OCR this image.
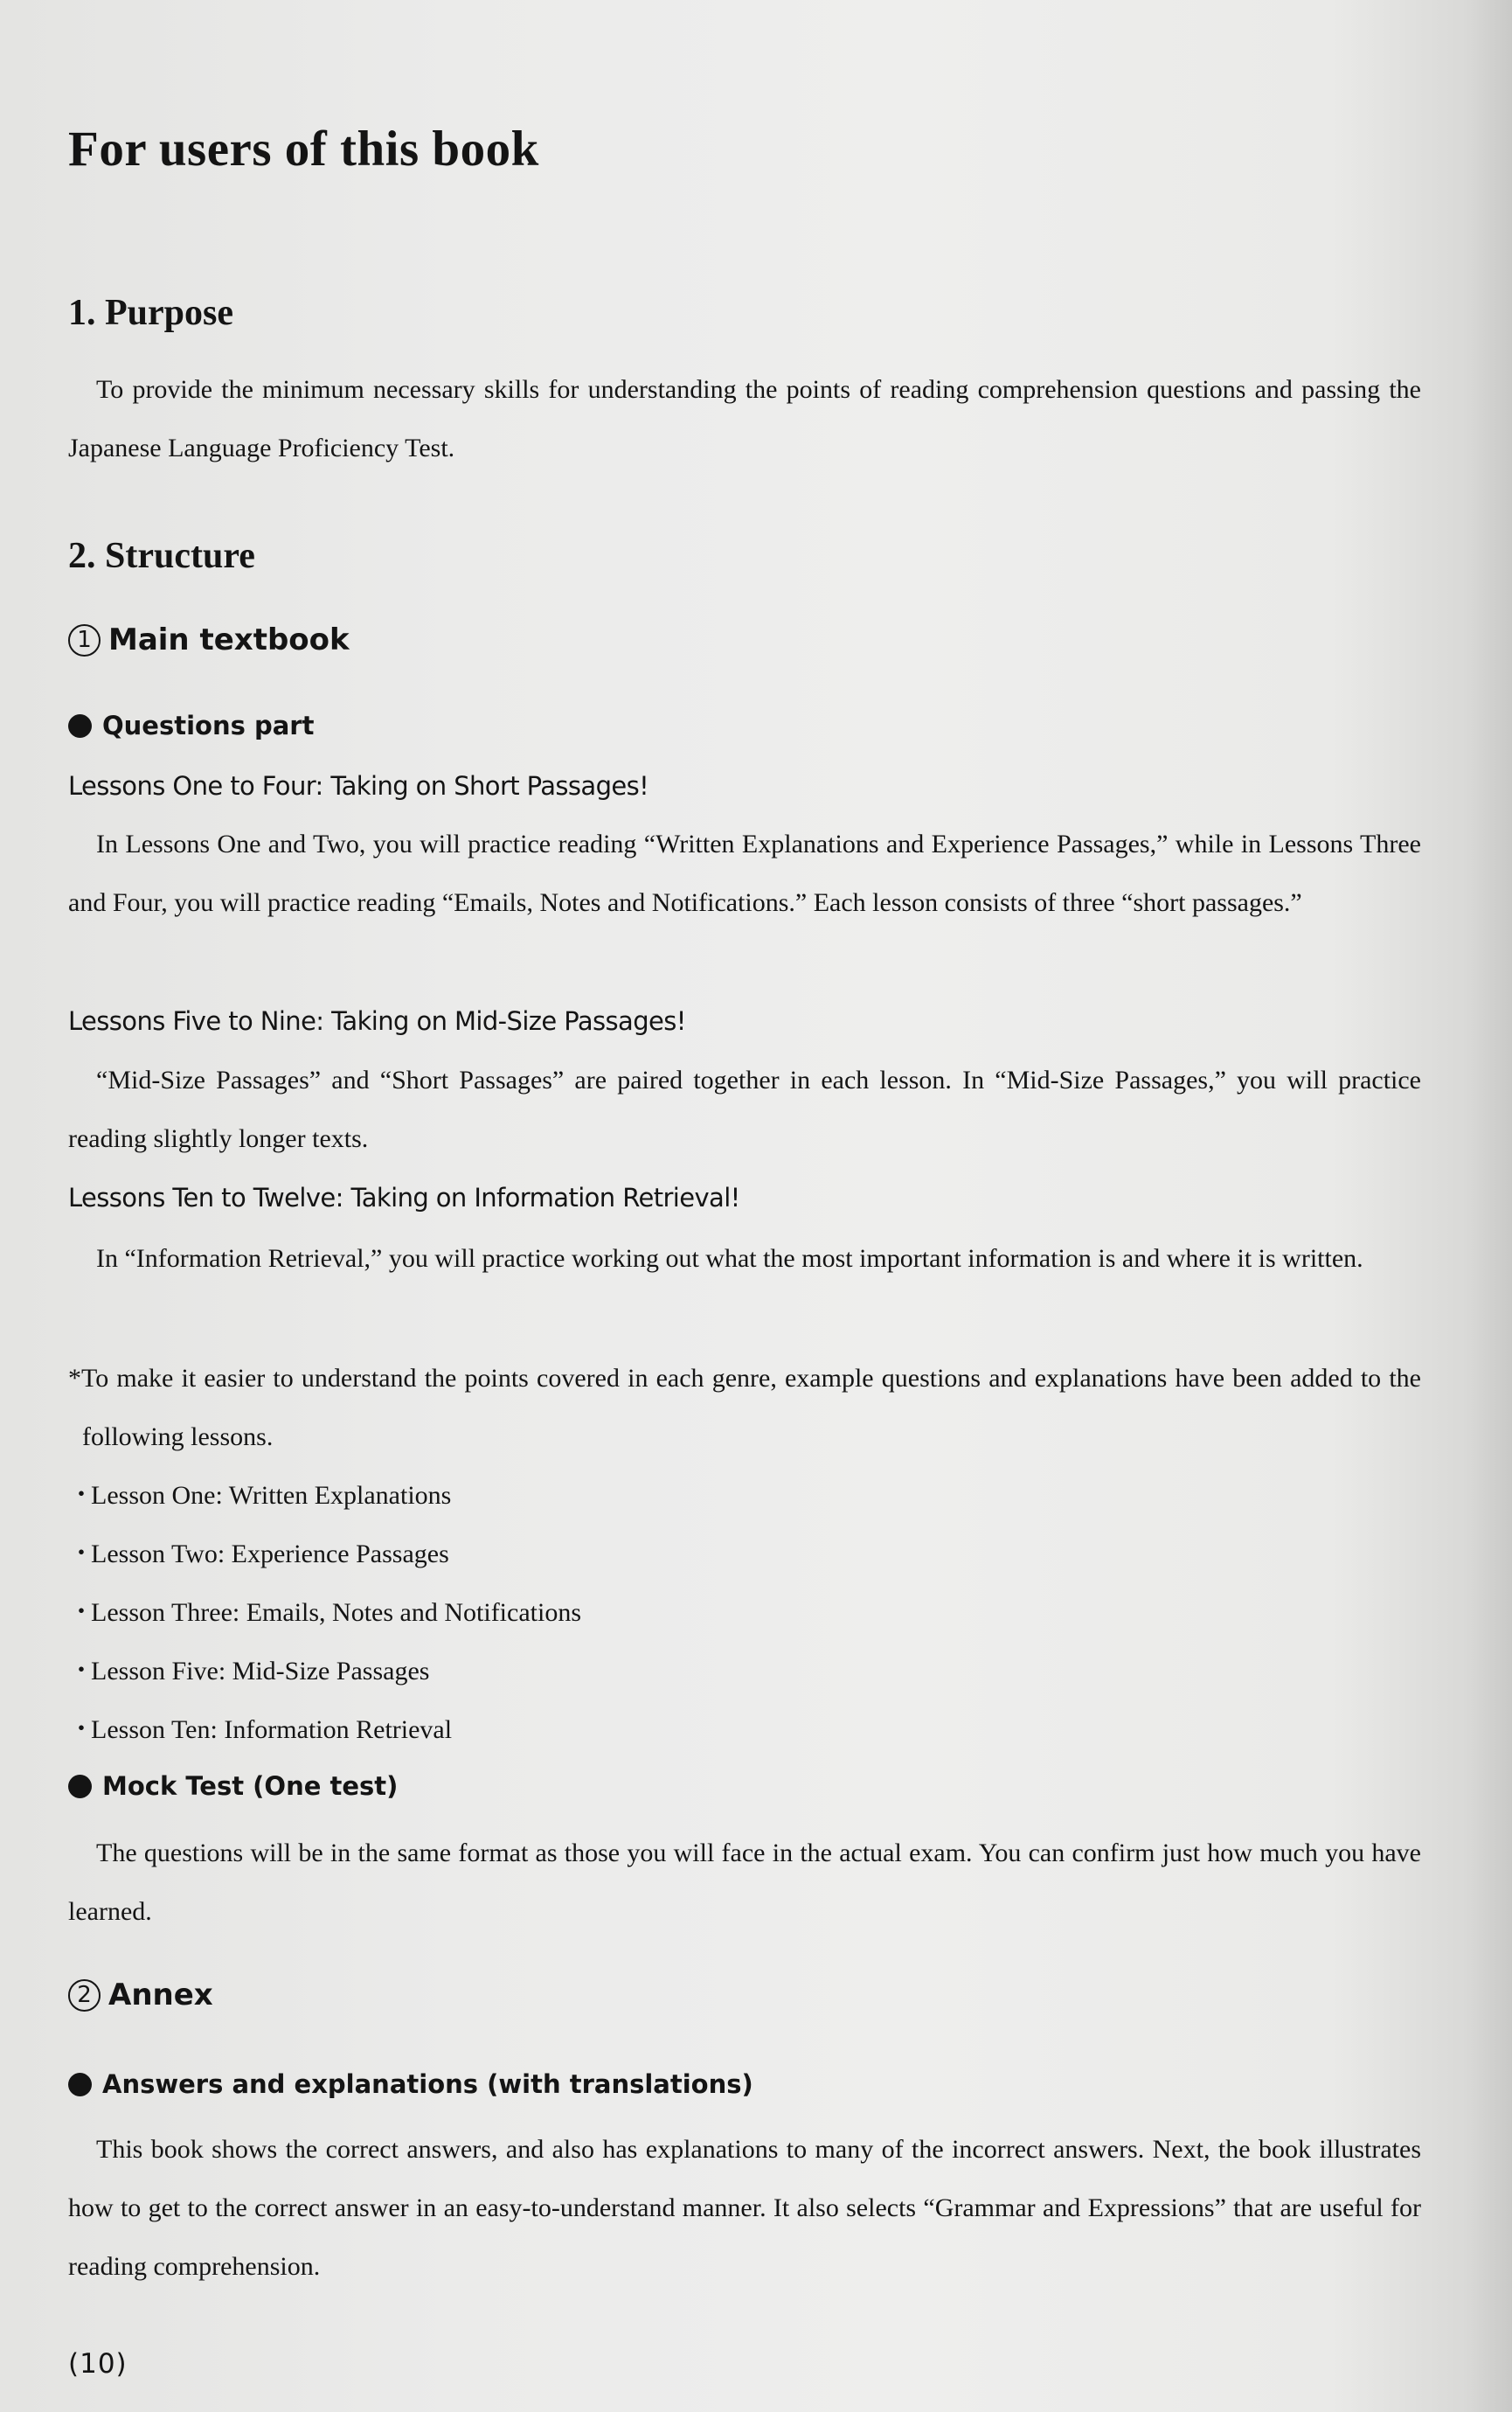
For users of this book
1. Purpose

To provide the minimum necessary skills for understanding the points of reading comprehension questions and passing the Japanese Language Proficiency Test.

2. Structure
1 Main textbook
Questions part
Lessons One to Four: Taking on Short Passages!

In Lessons One and Two, you will practice reading “Written Explanations and Experience Passages,” while in Lessons Three and Four, you will practice reading “Emails, Notes and Notifications.” Each lesson consists of three “short passages.”

Lessons Five to Nine: Taking on Mid-Size Passages!

“Mid-Size Passages” and “Short Passages” are paired together in each lesson. In “Mid-Size Passages,” you will practice reading slightly longer texts.

Lessons Ten to Twelve: Taking on Information Retrieval!

In “Information Retrieval,” you will practice working out what the most important information is and where it is written.

*To make it easier to understand the points covered in each genre, example questions and explanations have been added to the following lessons.

・Lesson One: Written Explanations
・Lesson Two: Experience Passages
・Lesson Three: Emails, Notes and Notifications
・Lesson Five: Mid-Size Passages
・Lesson Ten: Information Retrieval
Mock Test (One test)

The questions will be in the same format as those you will face in the actual exam. You can confirm just how much you have learned.

2 Annex
Answers and explanations (with translations)

This book shows the correct answers, and also has explanations to many of the incorrect answers. Next, the book illustrates how to get to the correct answer in an easy-to-understand manner. It also selects “Grammar and Expressions” that are useful for reading comprehension.

(10)
